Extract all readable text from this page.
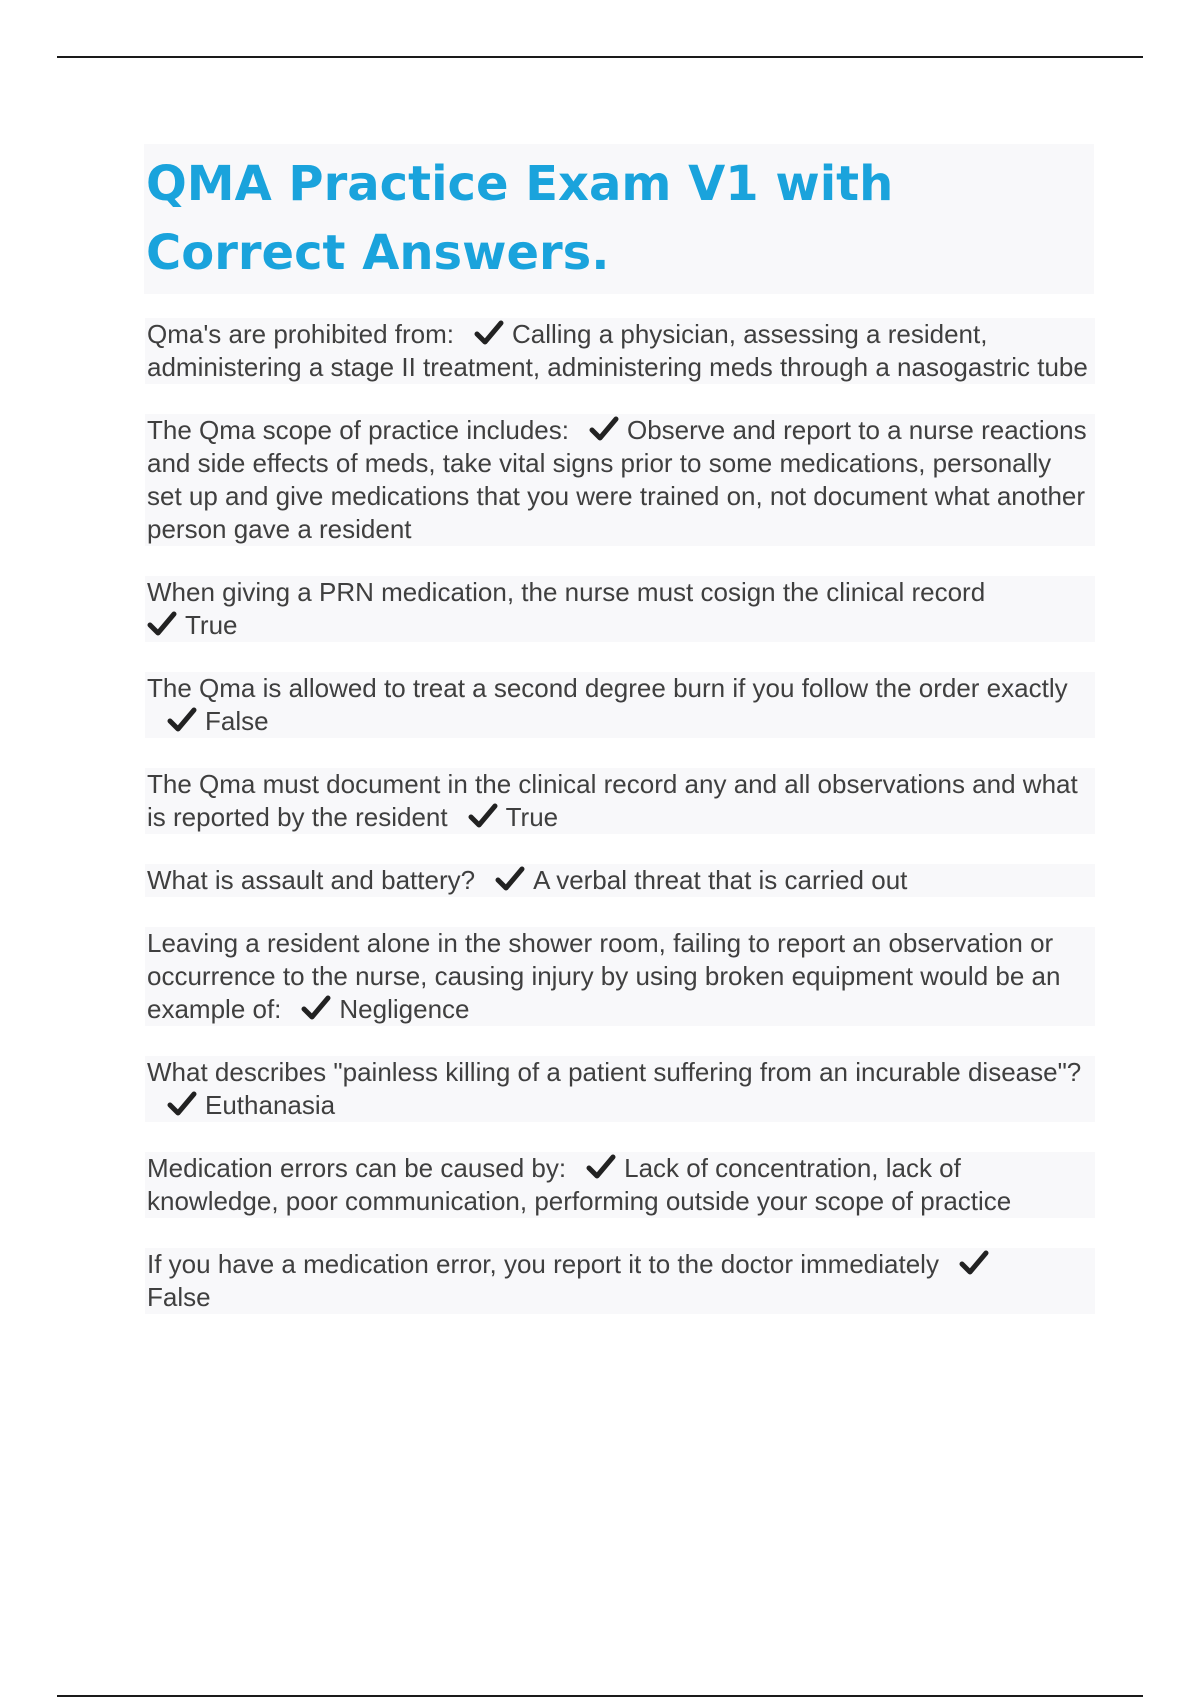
QMA Practice Exam V1 with Correct Answers.
Qma's are prohibited from: Calling a physician, assessing a resident, administering a stage II treatment, administering meds through a nasogastric tube
The Qma scope of practice includes: Observe and report to a nurse reactions and side effects of meds, take vital signs prior to some medications, personally set up and give medications that you were trained on, not document what another person gave a resident
When giving a PRN medication, the nurse must cosign the clinical record

True
The Qma is allowed to treat a second degree burn if you follow the order exactly
False
The Qma must document in the clinical record any and all observations and what is reported by the resident True
What is assault and battery? A verbal threat that is carried out
Leaving a resident alone in the shower room, failing to report an observation or occurrence to the nurse, causing injury by using broken equipment would be an example of: Negligence
What describes "painless killing of a patient suffering from an incurable disease"?
Euthanasia
Medication errors can be caused by: Lack of concentration, lack of knowledge, poor communication, performing outside your scope of practice
If you have a medication error, you report it to the doctor immediately

False
